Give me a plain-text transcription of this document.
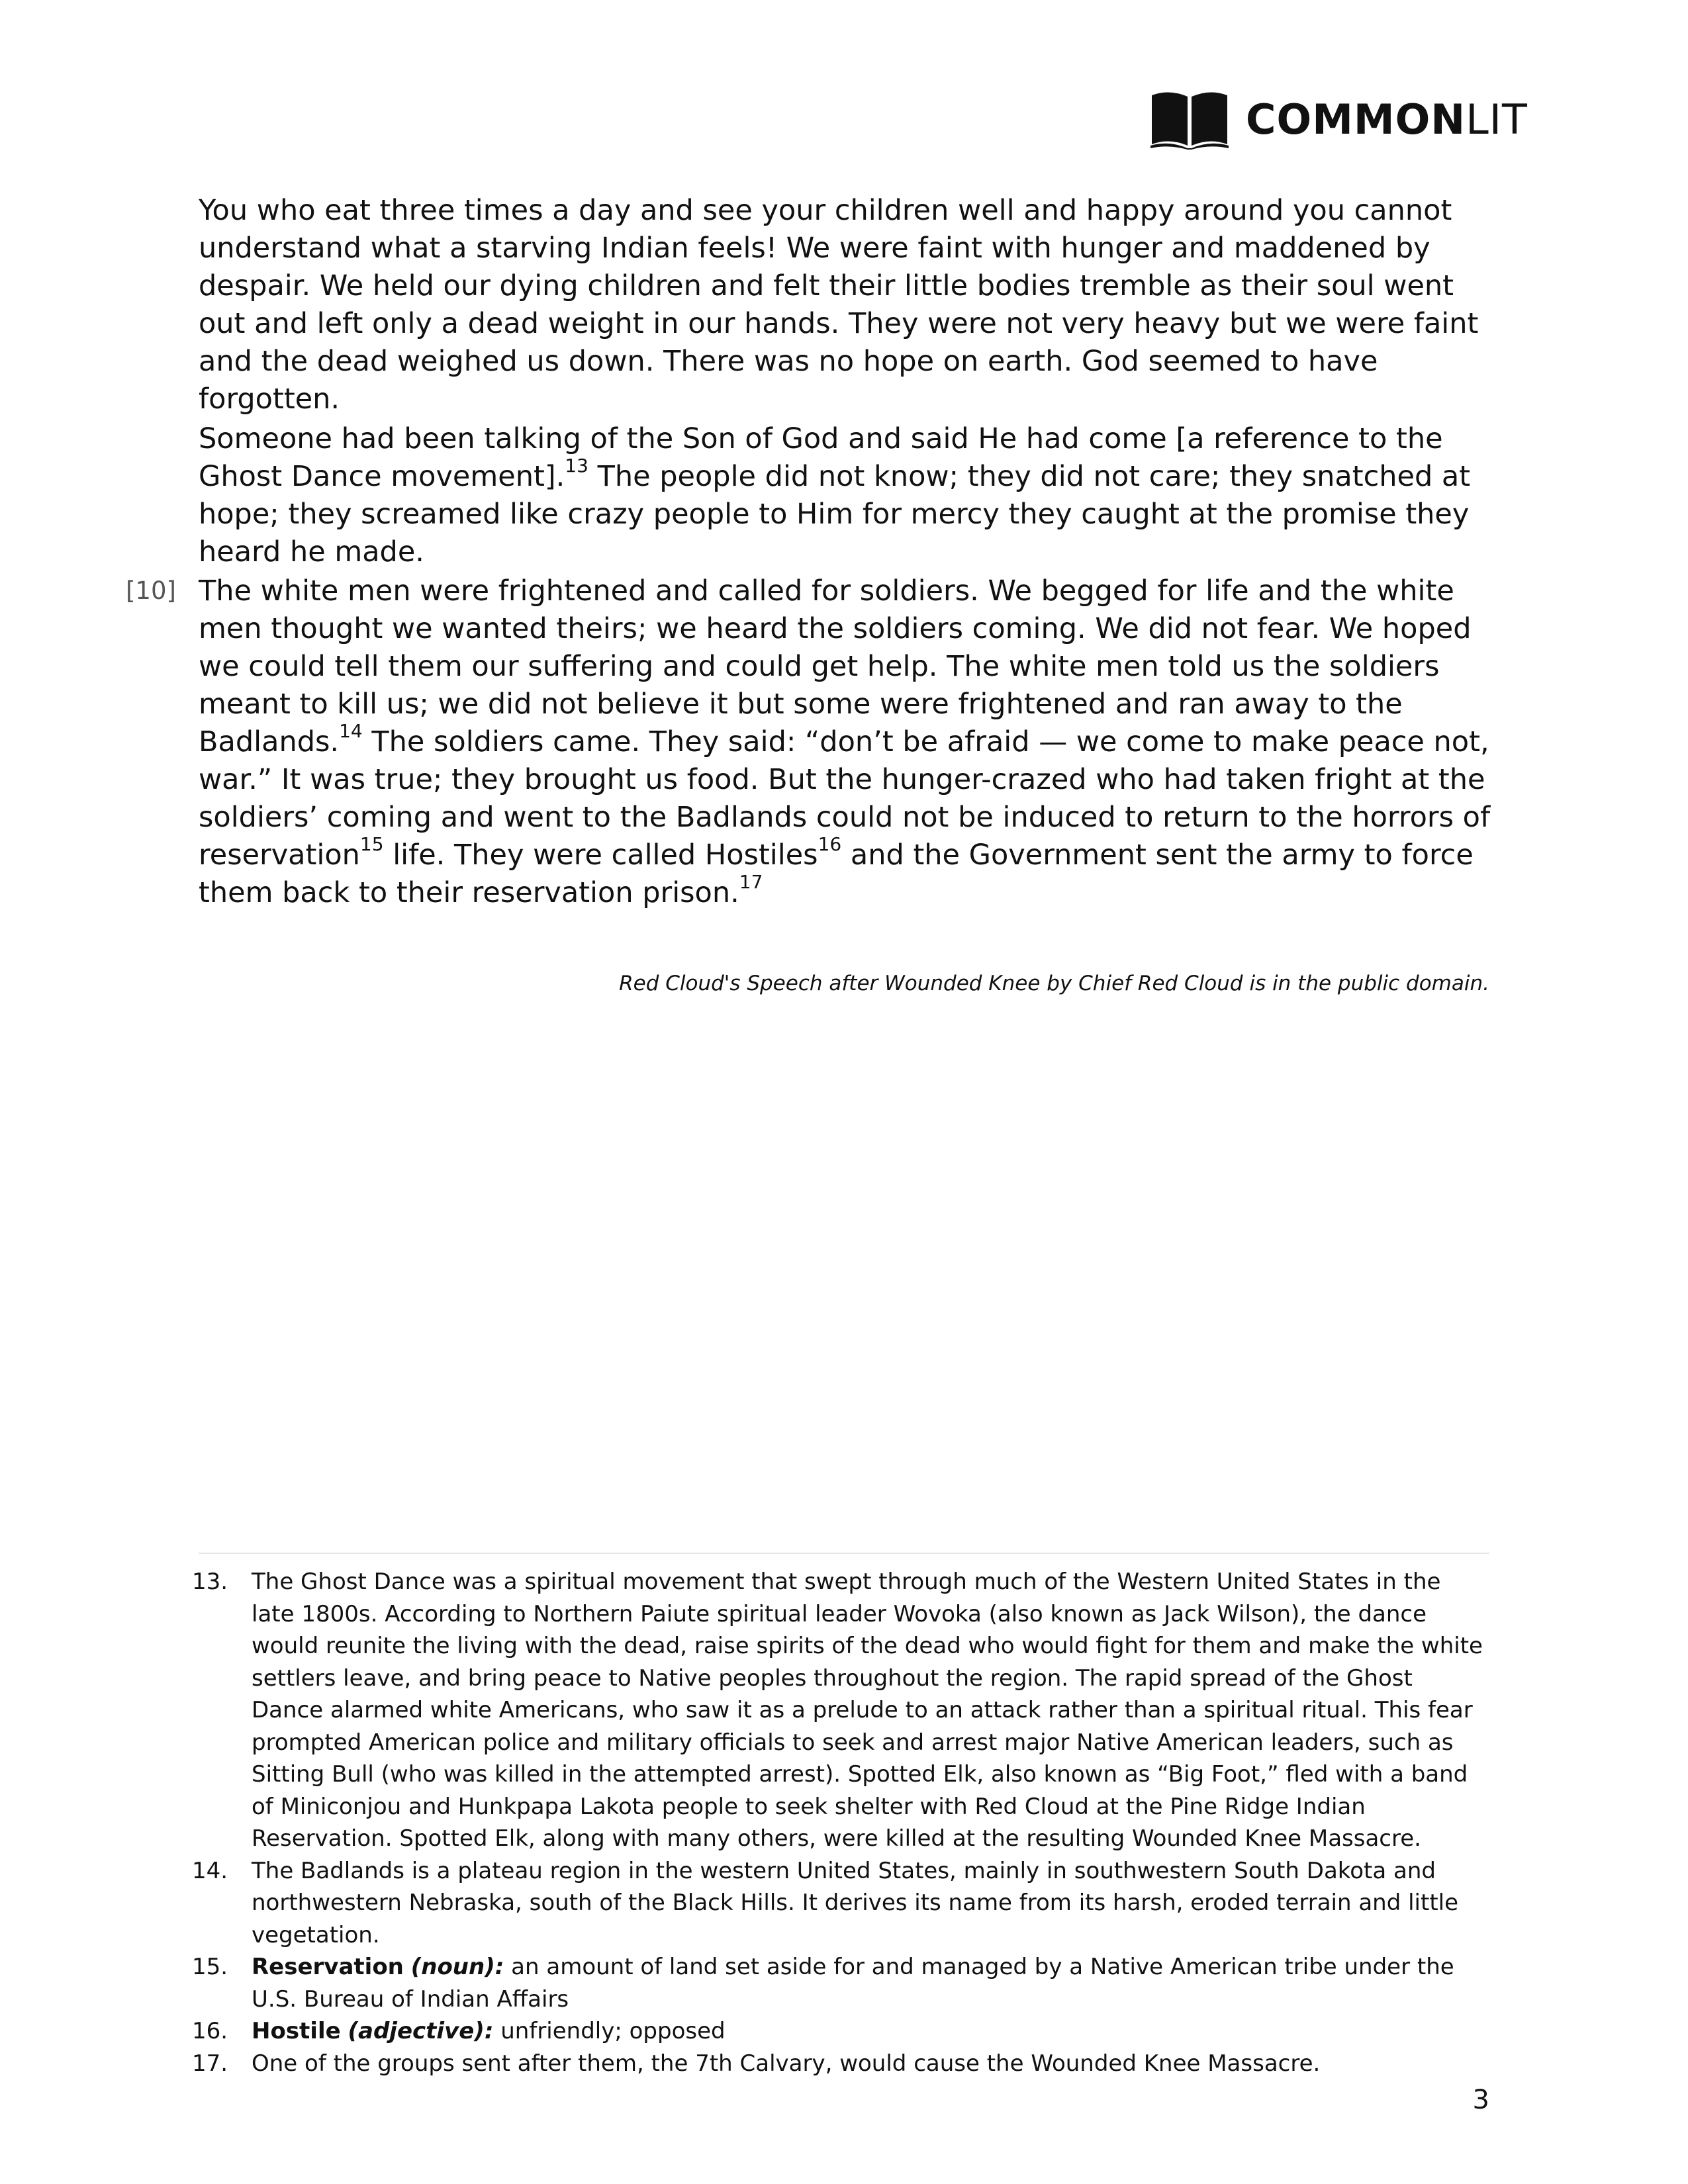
COMMONLIT

You who eat three times a day and see your children well and happy around you cannot understand what a starving Indian feels! We were faint with hunger and maddened by despair. We held our dying children and felt their little bodies tremble as their soul went out and left only a dead weight in our hands. They were not very heavy but we were faint and the dead weighed us down. There was no hope on earth. God seemed to have forgotten.

Someone had been talking of the Son of God and said He had come [a reference to the Ghost Dance movement].$^{13}$ The people did not know; they did not care; they snatched at hope; they screamed like crazy people to Him for mercy they caught at the promise they heard he made.

[10] The white men were frightened and called for soldiers. We begged for life and the white men thought we wanted theirs; we heard the soldiers coming. We did not fear. We hoped we could tell them our suffering and could get help. The white men told us the soldiers meant to kill us; we did not believe it but some were frightened and ran away to the Badlands.$^{14}$ The soldiers came. They said: “don’t be afraid — we come to make peace not, war.” It was true; they brought us food. But the hunger-crazed who had taken fright at the soldiers’ coming and went to the Badlands could not be induced to return to the horrors of reservation$^{15}$ life. They were called Hostiles$^{16}$ and the Government sent the army to force them back to their reservation prison.$^{17}$

Red Cloud's Speech after Wounded Knee by Chief Red Cloud is in the public domain.
13.	The Ghost Dance was a spiritual movement that swept through much of the Western United States in the late 1800s. According to Northern Paiute spiritual leader Wovoka (also known as Jack Wilson), the dance would reunite the living with the dead, raise spirits of the dead who would fight for them and make the white settlers leave, and bring peace to Native peoples throughout the region. The rapid spread of the Ghost Dance alarmed white Americans, who saw it as a prelude to an attack rather than a spiritual ritual. This fear prompted American police and military officials to seek and arrest major Native American leaders, such as Sitting Bull (who was killed in the attempted arrest). Spotted Elk, also known as “Big Foot,” fled with a band of Miniconjou and Hunkpapa Lakota people to seek shelter with Red Cloud at the Pine Ridge Indian Reservation. Spotted Elk, along with many others, were killed at the resulting Wounded Knee Massacre.
14.	The Badlands is a plateau region in the western United States, mainly in southwestern South Dakota and northwestern Nebraska, south of the Black Hills. It derives its name from its harsh, eroded terrain and little vegetation.
15.	Reservation (noun): an amount of land set aside for and managed by a Native American tribe under the U.S. Bureau of Indian Affairs
16.	Hostile (adjective): unfriendly; opposed
17.	One of the groups sent after them, the 7th Calvary, would cause the Wounded Knee Massacre.
3
